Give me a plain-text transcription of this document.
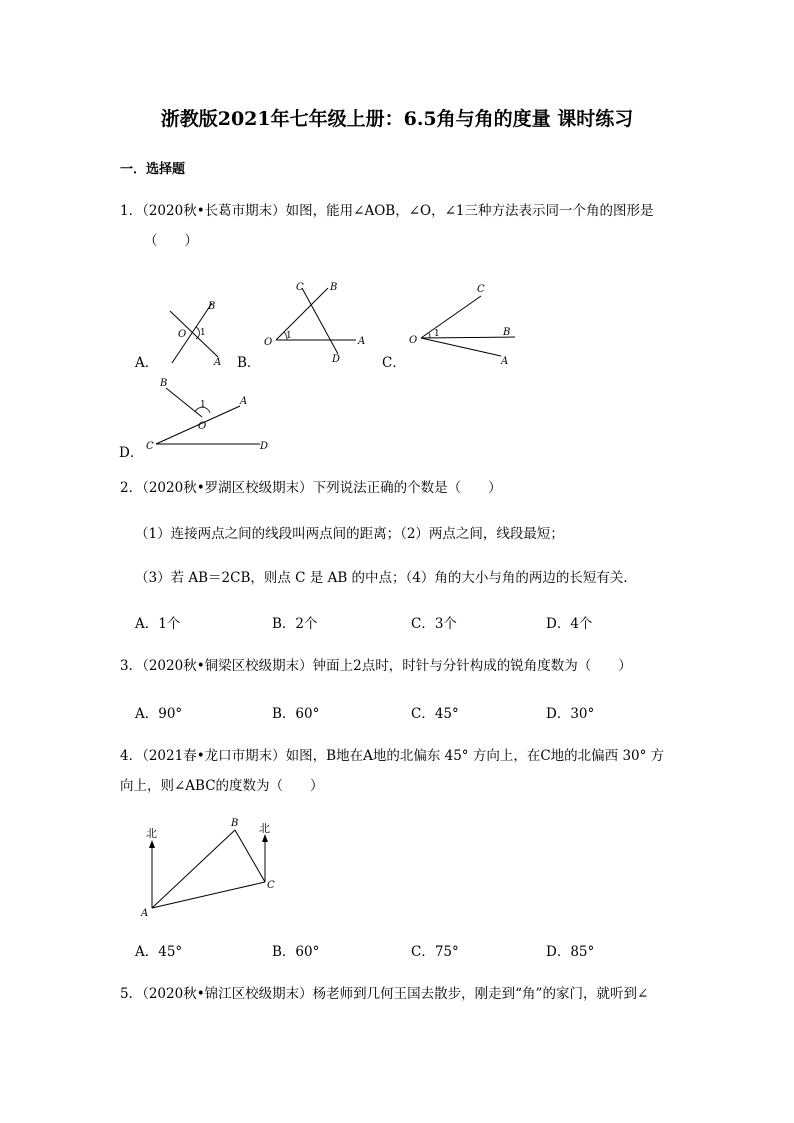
浙教版2021年七年级上册：6.5角与角的度量 课时练习
一．选择题
1．（2020秋•长葛市期末）如图，能用∠AOB，∠O，∠1三种方法表示同一个角的图形是
（　　）
A．
B
O 1
A B．
C	B
O
1	A
D	C．
C
O
1	B
A
D．
B
1	A
O
C	D
2．（2020秋•罗湖区校级期末）下列说法正确的个数是（　　）
（1）连接两点之间的线段叫两点间的距离；（2）两点之间，线段最短；
（3）若 AB＝2CB，则点 C 是 AB 的中点；（4）角的大小与角的两边的长短有关．
A．1个	B．2个	C．3个	D．4个
3．（2020秋•铜梁区校级期末）钟面上2点时，时针与分针构成的锐角度数为（　　）
A．90°	B．60°	C．45°	D．30°
4．（2021春•龙口市期末）如图，B地在A地的北偏东 45° 方向上，在C地的北偏西 30° 方
向上，则∠ABC的度数为（　　）
北	北
B
C
A
A．45°	B．60°	C．75°	D．85°
5．（2020秋•锦江区校级期末）杨老师到几何王国去散步，刚走到“角”的家门，就听到∠
